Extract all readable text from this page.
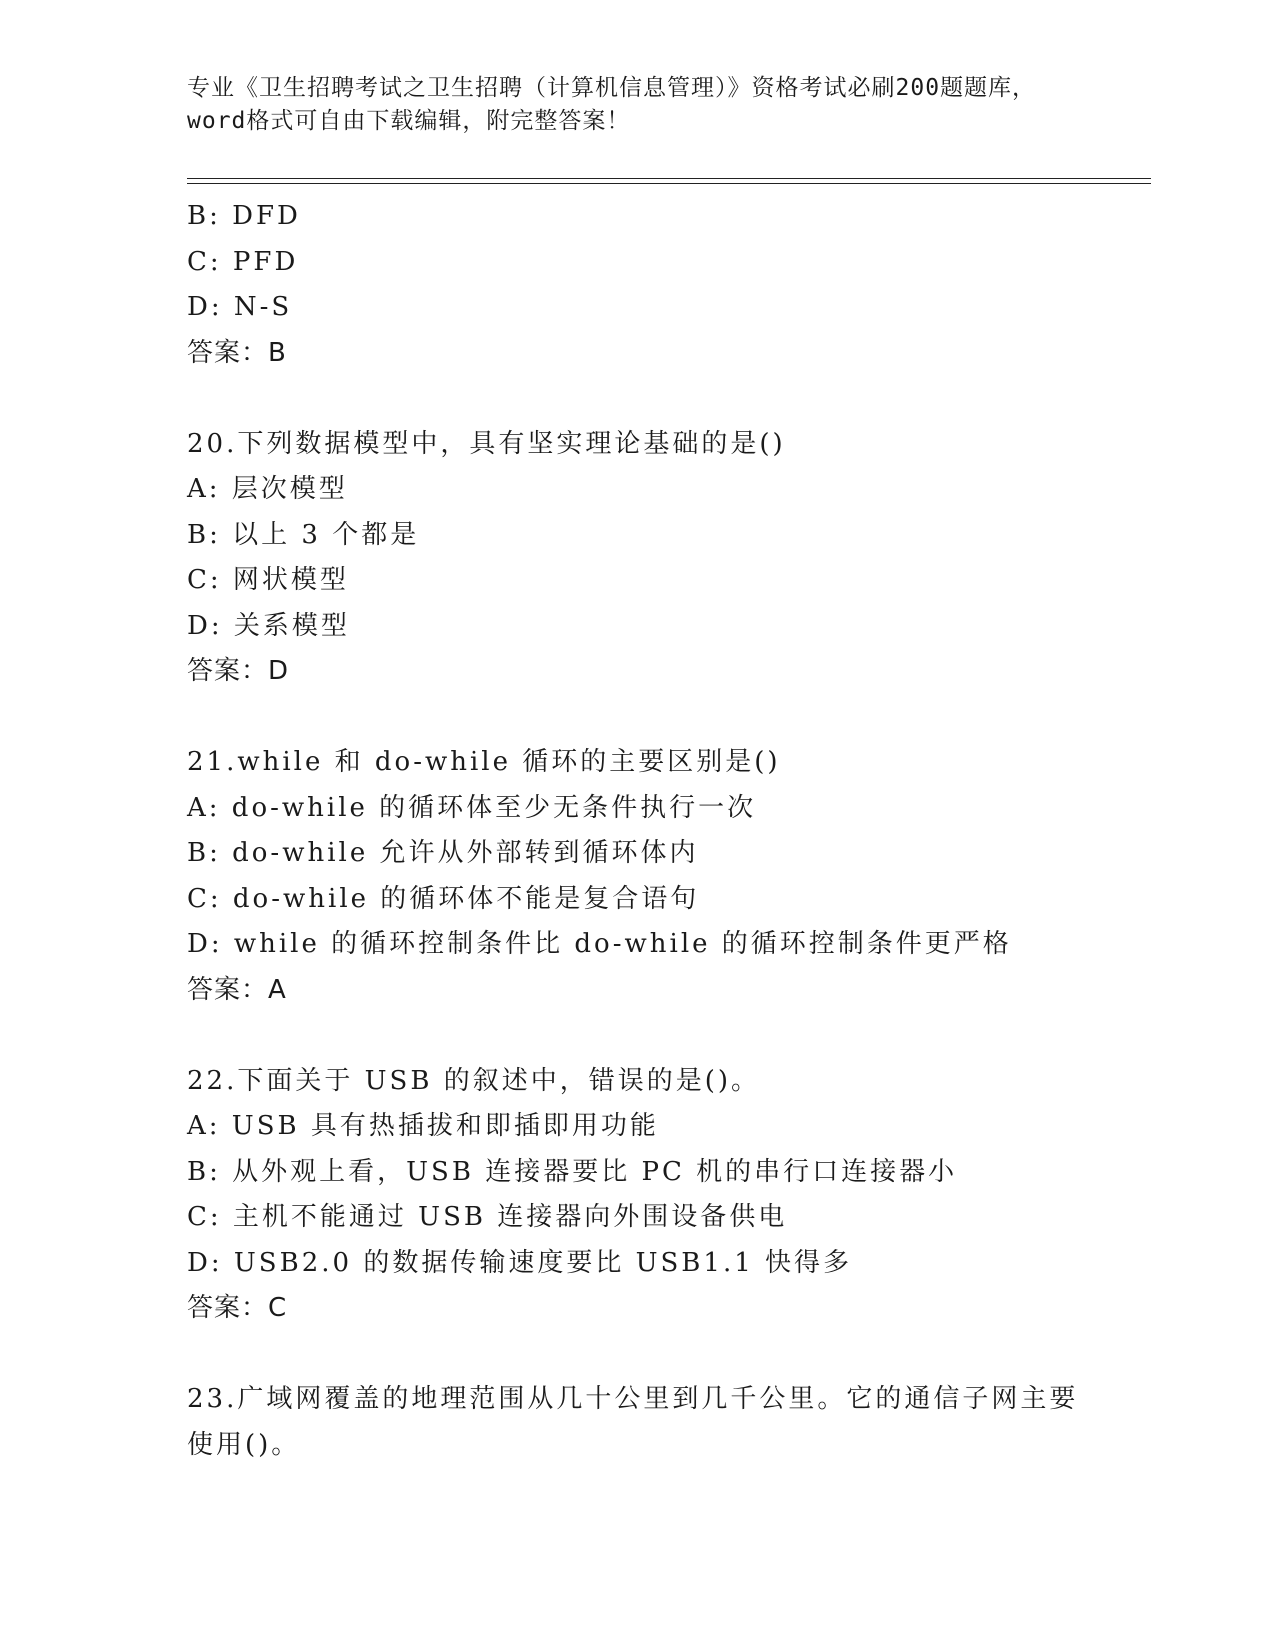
专业《卫生招聘考试之卫生招聘（计算机信息管理）》资格考试必刷200题题库，
word格式可自由下载编辑，附完整答案！
B: DFD
C: PFD
D: N-S
答案：B
20.下列数据模型中，具有坚实理论基础的是()
A: 层次模型
B: 以上 3 个都是
C: 网状模型
D: 关系模型
答案：D
21.while 和 do-while 循环的主要区别是()
A: do-while 的循环体至少无条件执行一次
B: do-while 允许从外部转到循环体内
C: do-while 的循环体不能是复合语句
D: while 的循环控制条件比 do-while 的循环控制条件更严格
答案：A
22.下面关于 USB 的叙述中，错误的是()。
A: USB 具有热插拔和即插即用功能
B: 从外观上看，USB 连接器要比 PC 机的串行口连接器小
C: 主机不能通过 USB 连接器向外围设备供电
D: USB2.0 的数据传输速度要比 USB1.1 快得多
答案：C
23.广域网覆盖的地理范围从几十公里到几千公里。它的通信子网主要
使用()。
